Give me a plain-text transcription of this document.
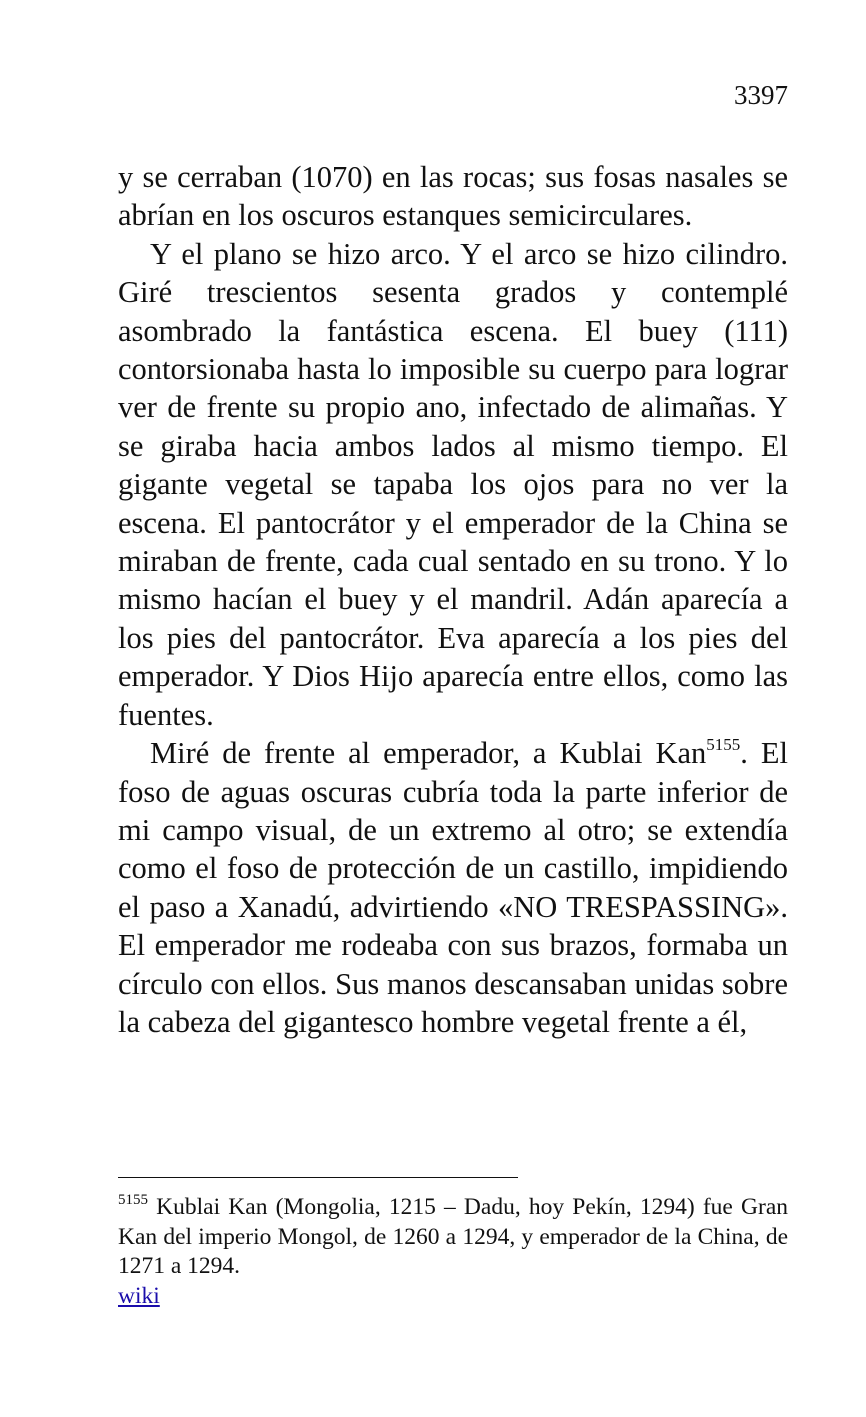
3397

y se cerraban (1070) en las rocas; sus fosas nasales se abrían en los oscuros estanques semicirculares.

Y el plano se hizo arco. Y el arco se hizo cilindro. Giré trescientos sesenta grados y contemplé asombrado la fantástica escena. El buey (111) contorsionaba hasta lo imposible su cuerpo para lograr ver de frente su propio ano, infectado de alimañas. Y se giraba hacia ambos lados al mismo tiempo. El gigante vegetal se tapaba los ojos para no ver la escena. El pantocrátor y el emperador de la China se miraban de frente, cada cual sentado en su trono. Y lo mismo hacían el buey y el mandril. Adán aparecía a los pies del pantocrátor. Eva aparecía a los pies del emperador. Y Dios Hijo aparecía entre ellos, como las fuentes.

Miré de frente al emperador, a Kublai Kan$^{5155}$. El foso de aguas oscuras cubría toda la parte inferior de mi campo visual, de un extremo al otro; se extendía como el foso de protección de un castillo, impidiendo el paso a Xanadú, advirtiendo «NO TRESPASSING». El emperador me rodeaba con sus brazos, formaba un círculo con ellos. Sus manos descansaban unidas sobre la cabeza del gigantesco hombre vegetal frente a él,

$^{5155}$ Kublai Kan (Mongolia, 1215 – Dadu, hoy Pekín, 1294) fue Gran Kan del imperio Mongol, de 1260 a 1294, y emperador de la China, de 1271 a 1294.

wiki
